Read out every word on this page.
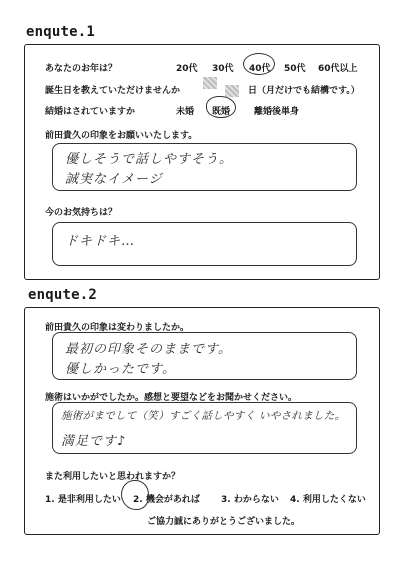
enqute.1
あなたのお年は？	20代 30代 40代 50代 60代以上
誕生日を教えていただけませんか	日（月だけでも結構です。）
結婚はされていますか	未婚 既婚	離婚後単身
前田貴久の印象をお願いいたします。
優しそうで話しやすそう。
誠実なイメージ
今のお気持ちは？
ドキドキ…
enqute.2
前田貴久の印象は変わりましたか。
最初の印象そのままです。
優しかったです。
施術はいかがでしたか。感想と要望などをお聞かせください。
施術がまでして（笑）すごく話しやすく いやされました。
満足です♪
また利用したいと思われますか？
1. 是非利用したい 2. 機会があれば 3. わからない 4. 利用したくない
ご協力誠にありがとうございました。
